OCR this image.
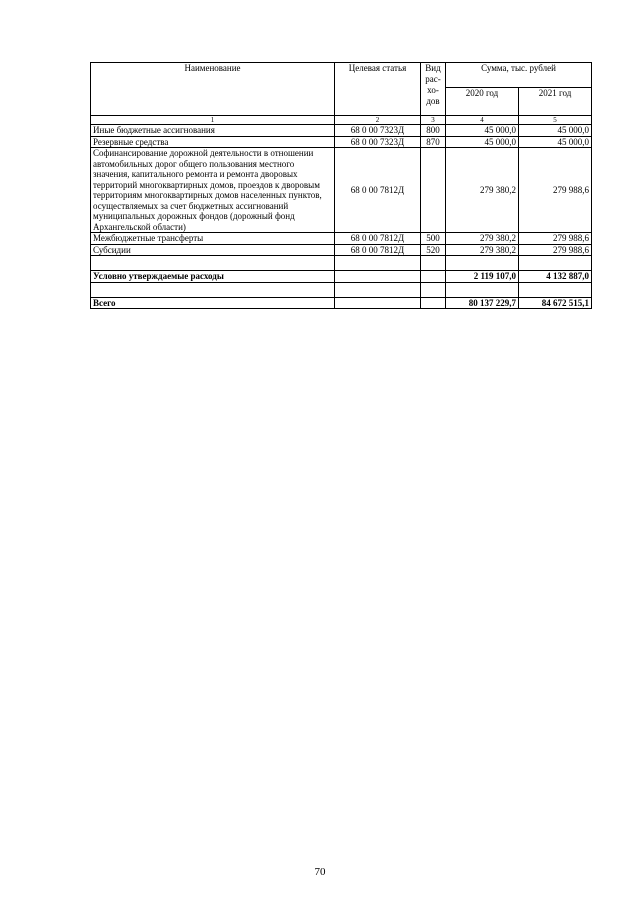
Наименование	Целевая статья	Вид рас- хо- дов	Сумма, тыс. рублей	
			2020 год	2021 год
1	2	3	4	5
Иные бюджетные ассигнования	68 0 00 7323Д	800	45 000,0	45 000,0
Резервные средства	68 0 00 7323Д	870	45 000,0	45 000,0
Софинансирование дорожной деятельности в отношении автомобильных дорог общего пользования местного значения, капитального ремонта и ремонта дворовых территорий многоквартирных домов, проездов к дворовым территориям многоквартирных домов населенных пунктов, осуществляемых за счет бюджетных ассигнований муниципальных дорожных фондов (дорожный фонд Архангельской области)	68 0 00 7812Д		279 380,2	279 988,6
Межбюджетные трансферты	68 0 00 7812Д	500	279 380,2	279 988,6
Субсидии	68 0 00 7812Д	520	279 380,2	279 988,6

Условно утверждаемые расходы			2 119 107,0	4 132 887,0

Всего			80 137 229,7	84 672 515,1
70
